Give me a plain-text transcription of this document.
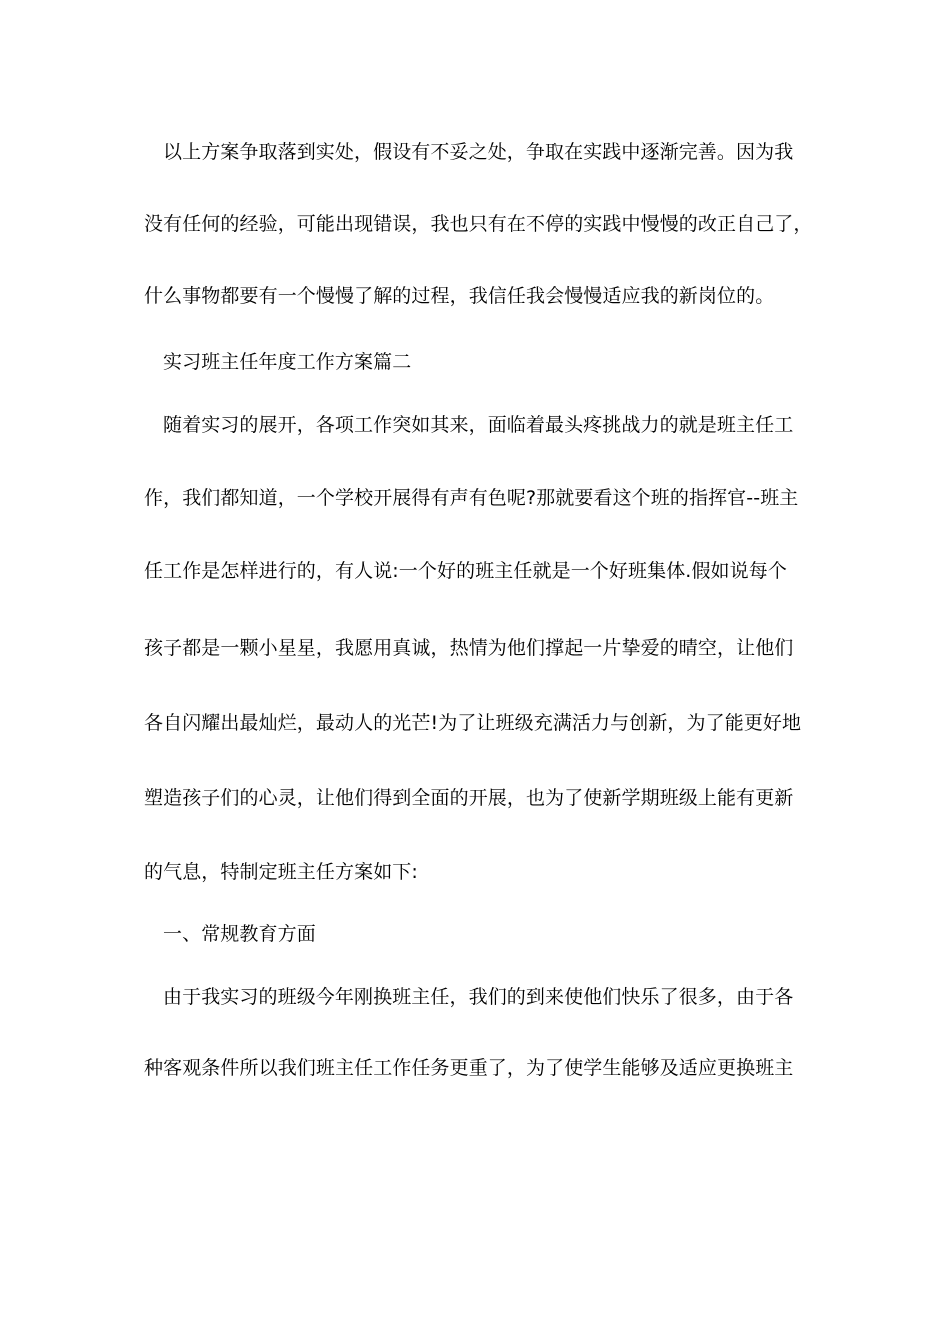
以上方案争取落到实处，假设有不妥之处，争取在实践中逐渐完善。因为我
没有任何的经验，可能出现错误，我也只有在不停的实践中慢慢的改正自己了，
什么事物都要有一个慢慢了解的过程，我信任我会慢慢适应我的新岗位的。
实习班主任年度工作方案篇二
随着实习的展开，各项工作突如其来，面临着最头疼挑战力的就是班主任工
作，我们都知道，一个学校开展得有声有色呢?那就要看这个班的指挥官--班主
任工作是怎样进行的，有人说:一个好的班主任就是一个好班集体.假如说每个
孩子都是一颗小星星，我愿用真诚，热情为他们撑起一片挚爱的晴空，让他们
各自闪耀出最灿烂，最动人的光芒!为了让班级充满活力与创新，为了能更好地
塑造孩子们的心灵，让他们得到全面的开展，也为了使新学期班级上能有更新
的气息，特制定班主任方案如下:
一、常规教育方面
由于我实习的班级今年刚换班主任，我们的到来使他们快乐了很多，由于各
种客观条件所以我们班主任工作任务更重了，为了使学生能够及适应更换班主
